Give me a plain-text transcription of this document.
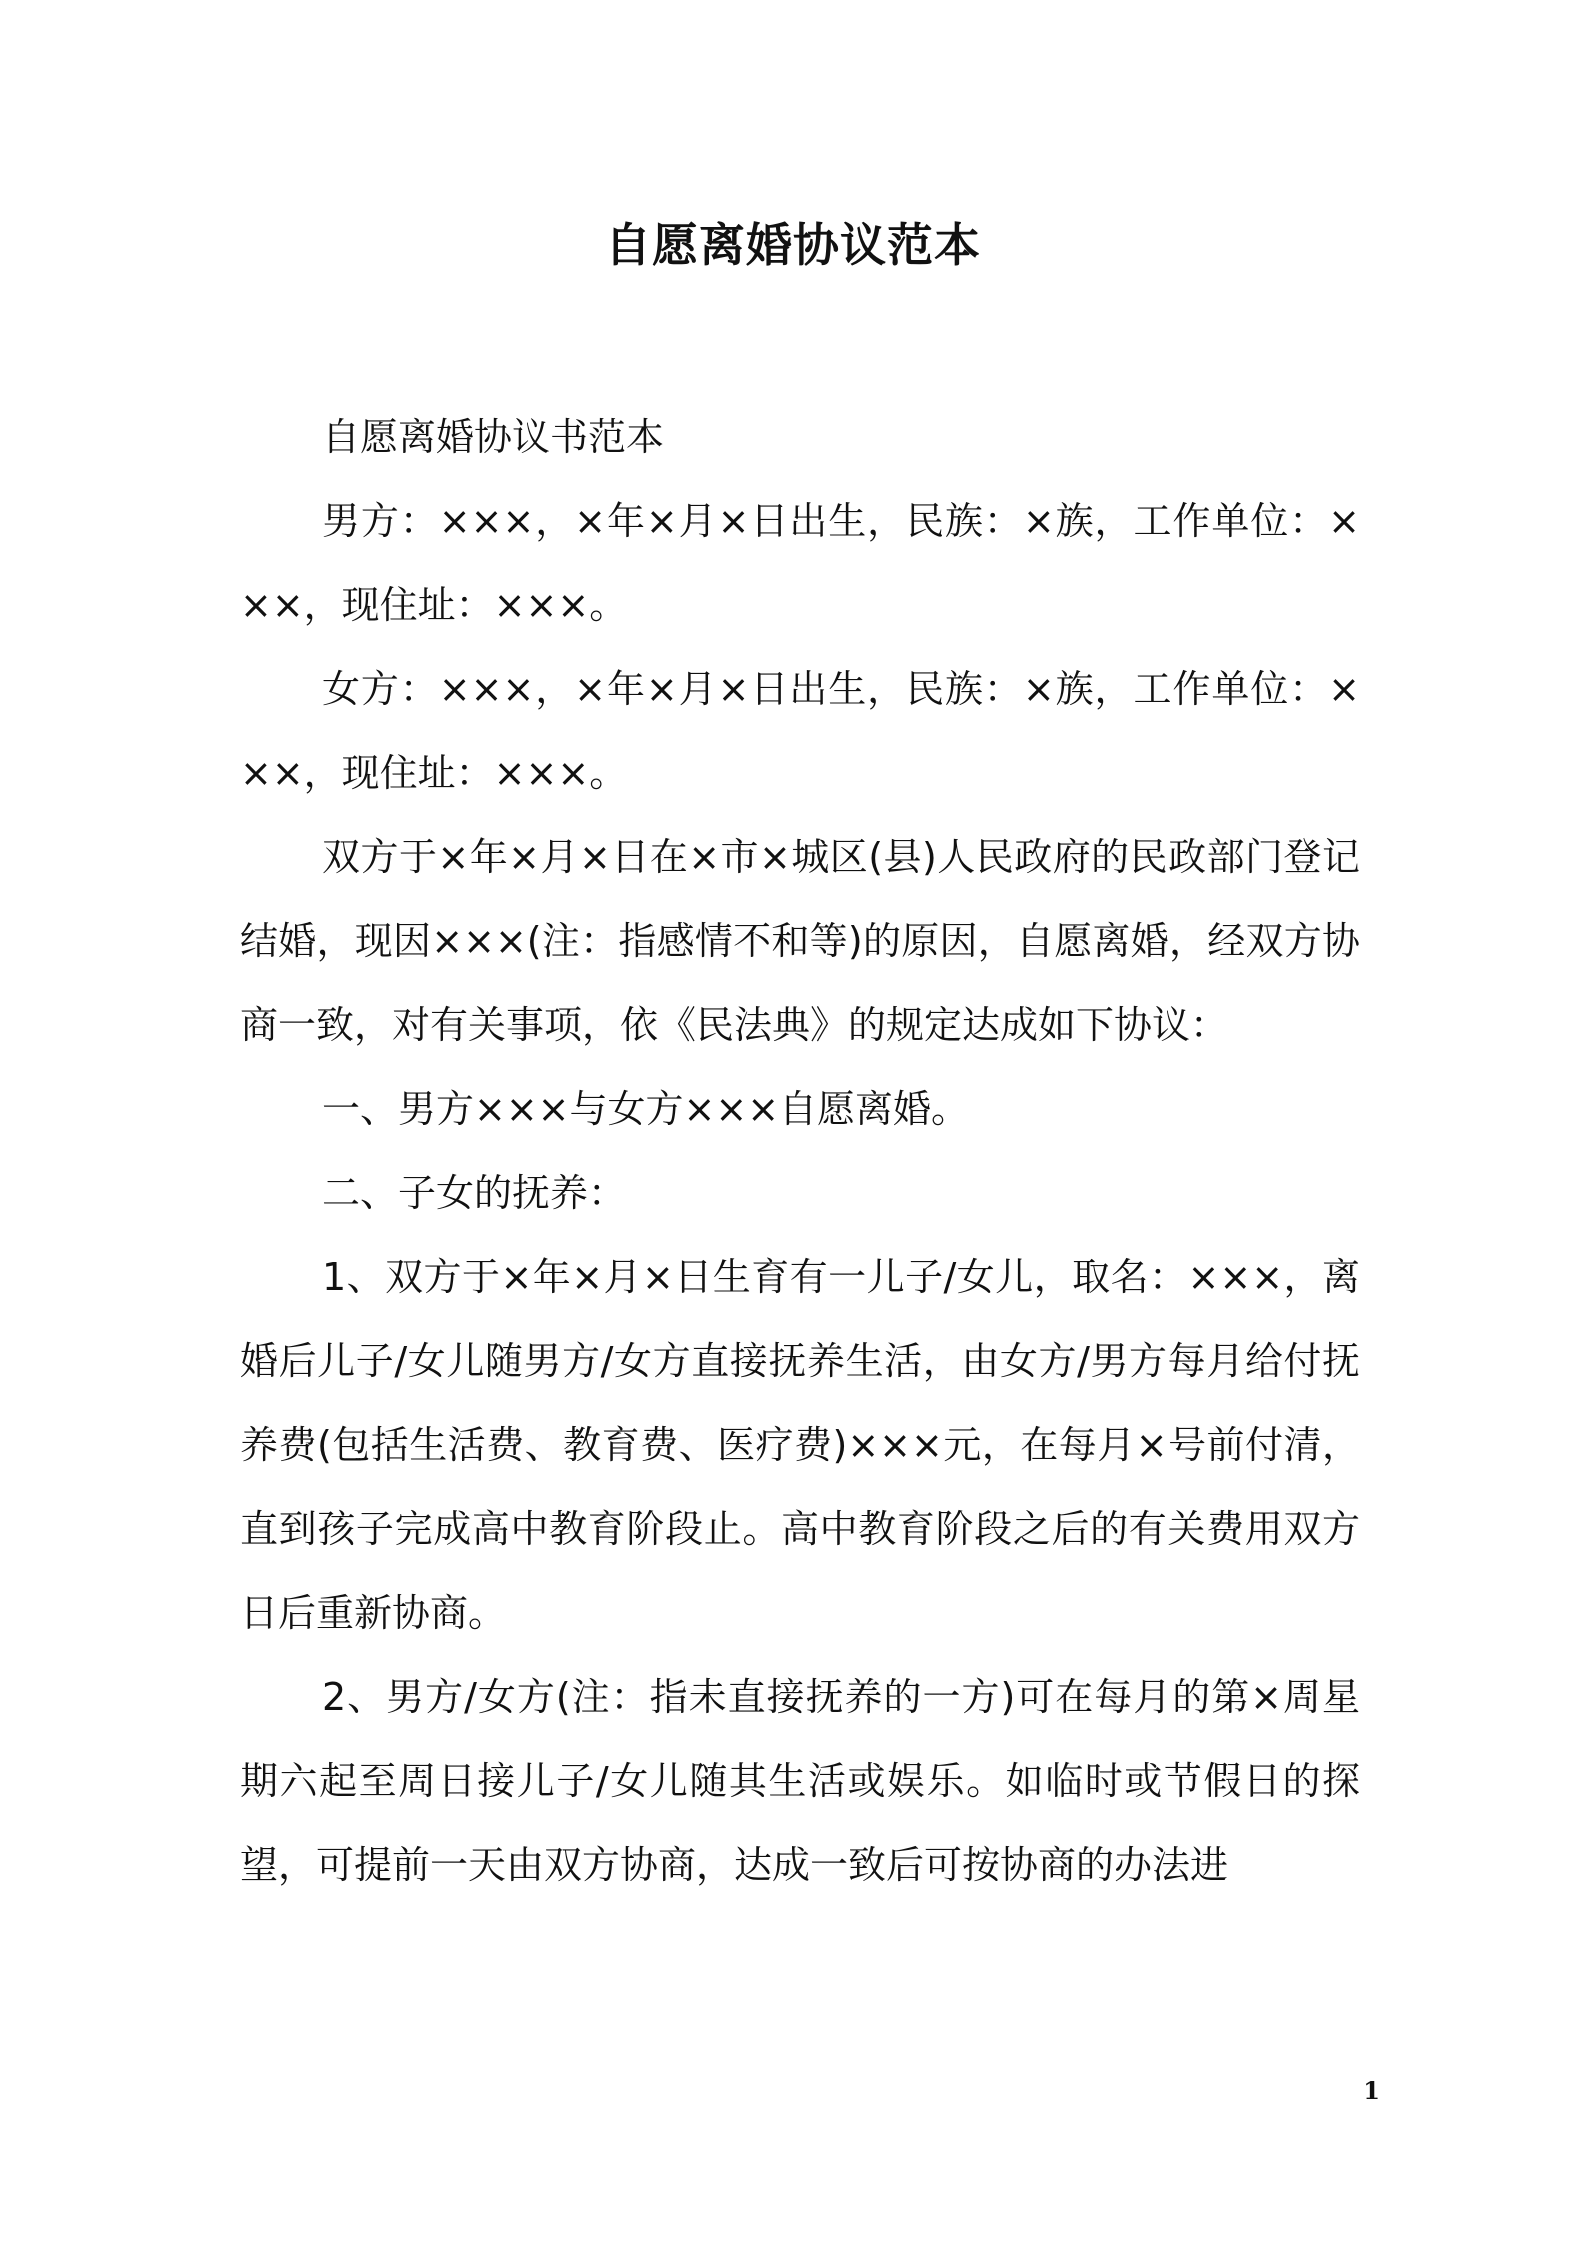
自愿离婚协议范本

自愿离婚协议书范本

男方：×××，×年×月×日出生，民族：×族，工作单位：×××，现住址：×××。

女方：×××，×年×月×日出生，民族：×族，工作单位：×××，现住址：×××。

双方于×年×月×日在×市×城区(县)人民政府的民政部门登记结婚，现因×××(注：指感情不和等)的原因，自愿离婚，经双方协商一致，对有关事项，依《民法典》的规定达成如下协议：

一、男方×××与女方×××自愿离婚。

二、子女的抚养：

1、双方于×年×月×日生育有一儿子/女儿，取名：×××，离婚后儿子/女儿随男方/女方直接抚养生活，由女方/男方每月给付抚养费(包括生活费、教育费、医疗费)×××元，在每月×号前付清，直到孩子完成高中教育阶段止。高中教育阶段之后的有关费用双方日后重新协商。

2、男方/女方(注：指未直接抚养的一方)可在每月的第×周星期六起至周日接儿子/女儿随其生活或娱乐。如临时或节假日的探望，可提前一天由双方协商，达成一致后可按协商的办法进

1
